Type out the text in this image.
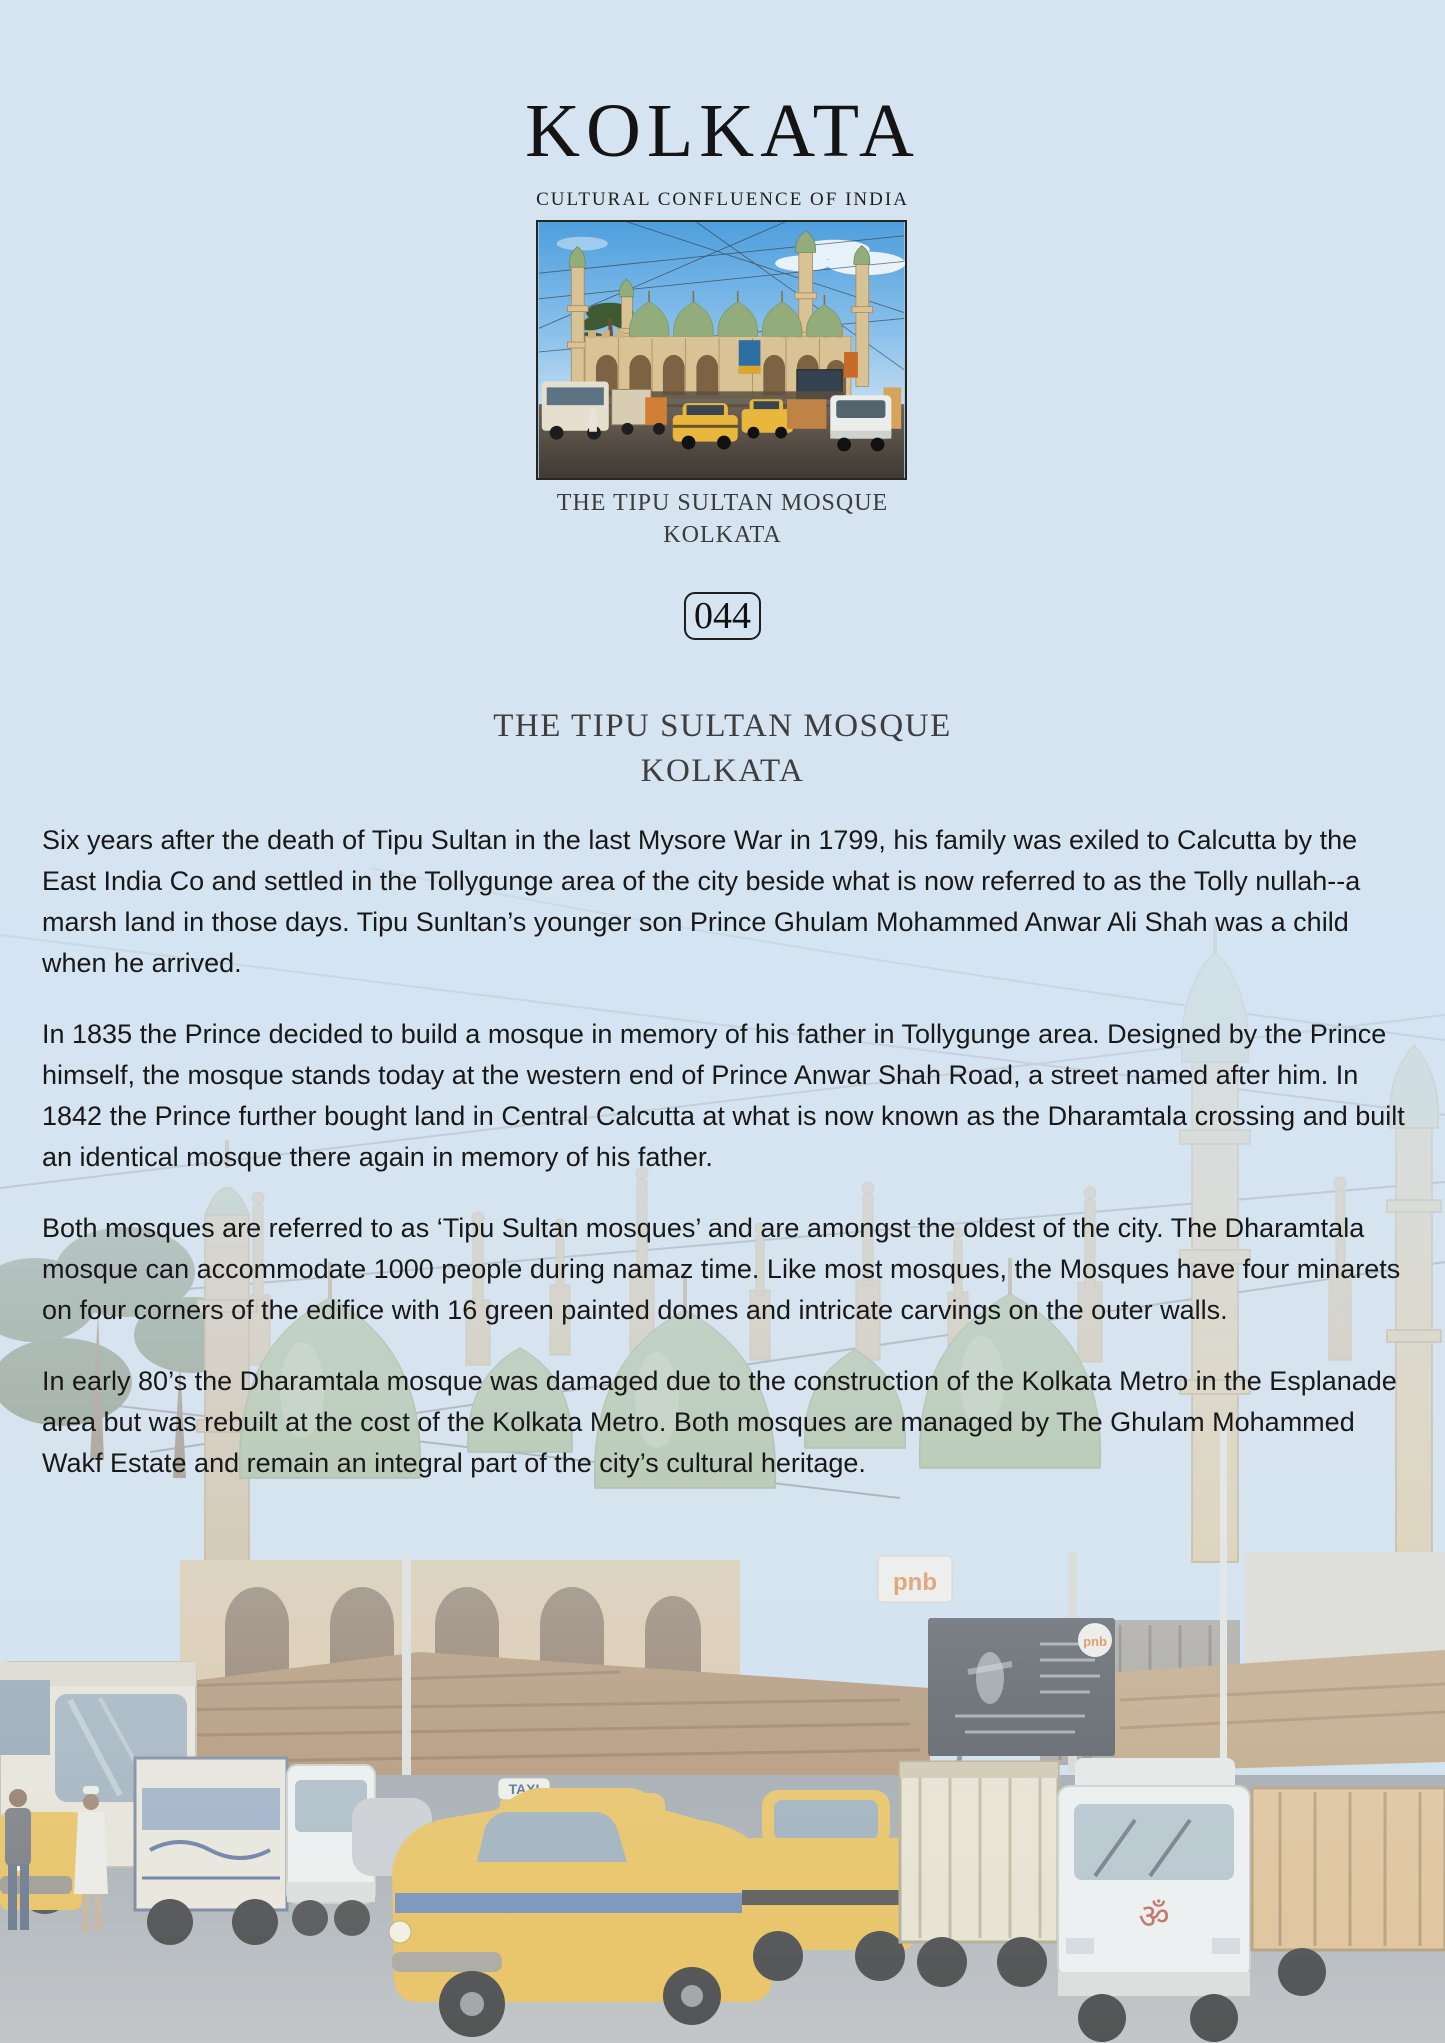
KOLKATA
CULTURAL CONFLUENCE OF INDIA
THE TIPU SULTAN MOSQUE
KOLKATA
044
THE TIPU SULTAN MOSQUE
KOLKATA

Six years after the death of Tipu Sultan in the last Mysore War in 1799, his family was exiled to Calcutta by the East India Co and settled in the Tollygunge area of the city beside what is now referred to as the Tolly nullah--a marsh land in those days. Tipu Sunltan’s younger son Prince Ghulam Mohammed Anwar Ali Shah was a child when he arrived.

In 1835 the Prince decided to build a mosque in memory of his father in Tollygunge area. Designed by the Prince himself, the mosque stands today at the western end of Prince Anwar Shah Road, a street named after him. In 1842 the Prince further bought land in Central Calcutta at what is now known as the Dharamtala crossing and built an identical mosque there again in memory of his father.

Both mosques are referred to as ‘Tipu Sultan mosques’ and are amongst the oldest of the city. The Dharamtala mosque can accommodate 1000 people during namaz time. Like most mosques, the Mosques have four minarets on four corners of the edifice with 16 green painted domes and intricate carvings on the outer walls.

In early 80’s the Dharamtala mosque was damaged due to the construction of the Kolkata Metro in the Esplanade area but was rebuilt at the cost of the Kolkata Metro. Both mosques are managed by The Ghulam Mohammed Wakf Estate and remain an integral part of the city’s cultural heritage.
